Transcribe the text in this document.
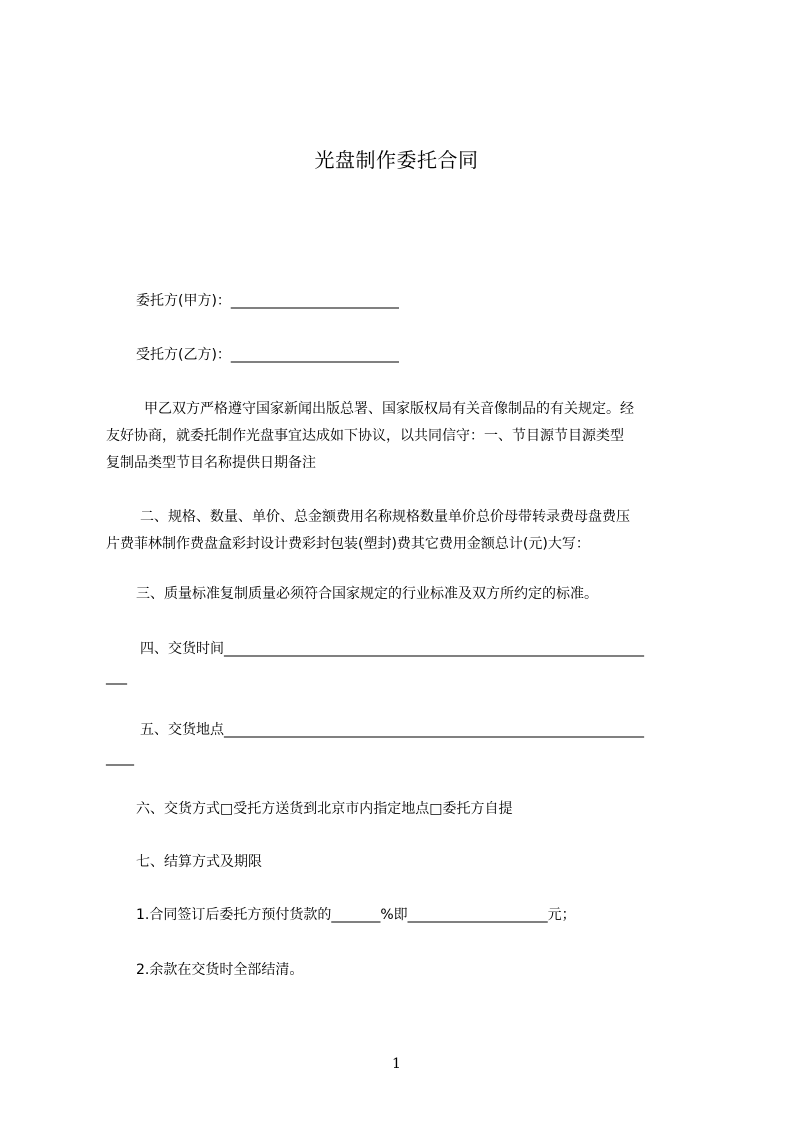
光盘制作委托合同
委托方(甲方)：________________________
受托方(乙方)：________________________
甲乙双方严格遵守国家新闻出版总署、国家版权局有关音像制品的有关规定。经
友好协商，就委托制作光盘事宜达成如下协议，以共同信守：一、节目源节目源类型
复制品类型节目名称提供日期备注
二、规格、数量、单价、总金额费用名称规格数量单价总价母带转录费母盘费压
片费菲林制作费盘盒彩封设计费彩封包装(塑封)费其它费用金额总计(元)大写：
三、质量标准复制质量必须符合国家规定的行业标准及双方所约定的标准。
四、交货时间____________________________________________________________
___
五、交货地点____________________________________________________________
____
六、交货方式□受托方送货到北京市内指定地点□委托方自提
七、结算方式及期限
1.合同签订后委托方预付货款的_______%即____________________元；
2.余款在交货时全部结清。
1
